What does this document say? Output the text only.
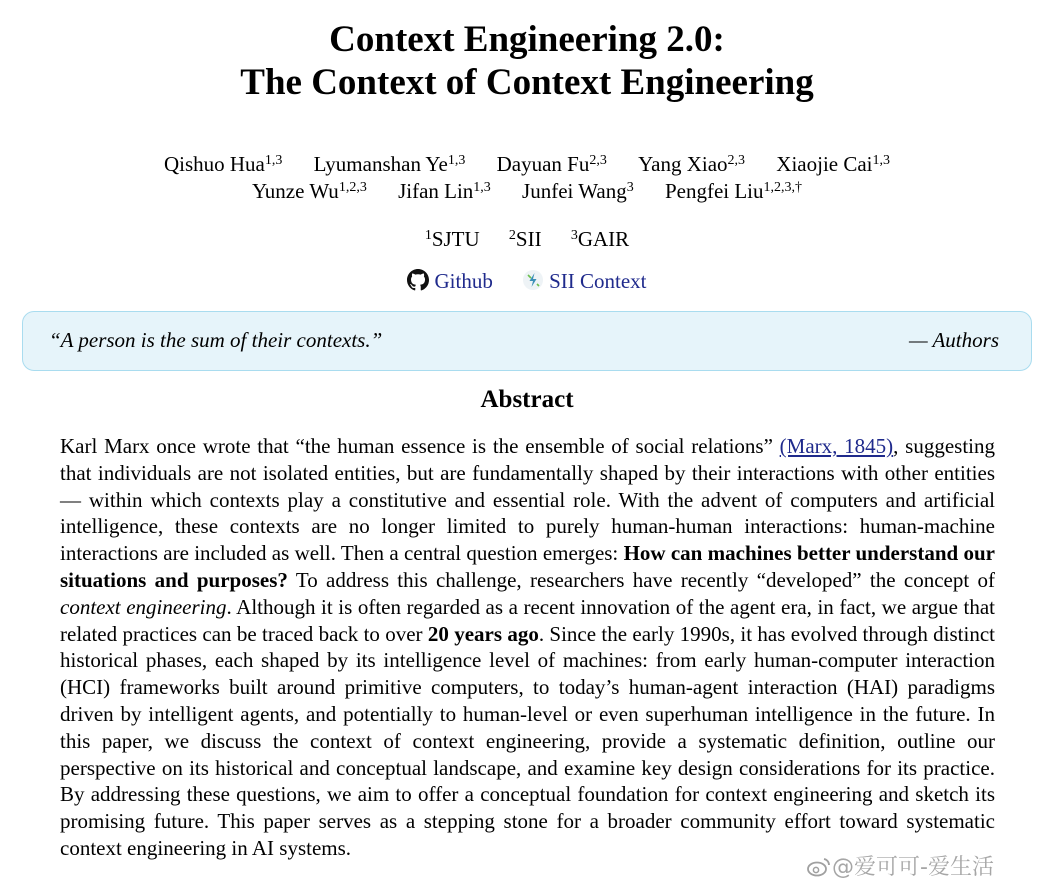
Context Engineering 2.0:
The Context of Context Engineering
Qishuo Hua$^{1,3}$ Lyumanshan Ye$^{1,3}$ Dayuan Fu$^{2,3}$ Yang Xiao$^{2,3}$ Xiaojie Cai$^{1,3}$
Yunze Wu$^{1,2,3}$ Jifan Lin$^{1,3}$ Junfei Wang$^3$ Pengfei Liu$^{1,2,3,\dagger}$
$^1$SJTU $^2$SII $^3$GAIR
Github	SII Context
“A person is the sum of their contexts.”	— Authors
Abstract

Karl Marx once wrote that “the human essence is the ensemble of social relations” (Marx, 1845), suggesting that individuals are not isolated entities, but are fundamentally shaped by their interactions with other entities — within which contexts play a constitutive and essential role. With the advent of computers and artificial intelligence, these contexts are no longer limited to purely human-human interactions: human-machine interactions are included as well. Then a central question emerges: How can machines better understand our situations and purposes? To address this challenge, researchers have recently “developed” the concept of context engineering. Although it is often regarded as a recent innovation of the agent era, in fact, we argue that related practices can be traced back to over 20 years ago. Since the early 1990s, it has evolved through distinct historical phases, each shaped by its intelligence level of machines: from early human-computer interaction (HCI) frameworks built around primitive computers, to today’s human-agent interaction (HAI) paradigms driven by intelligent agents, and potentially to human-level or even superhuman intelligence in the future. In this paper, we discuss the context of context engineering, provide a systematic definition, outline our perspective on its historical and conceptual landscape, and examine key design considerations for its practice. By addressing these questions, we aim to offer a conceptual foundation for context engineering and sketch its promising future. This paper serves as a stepping stone for a broader community effort toward systematic context engineering in AI systems.

@爱可可-爱生活
